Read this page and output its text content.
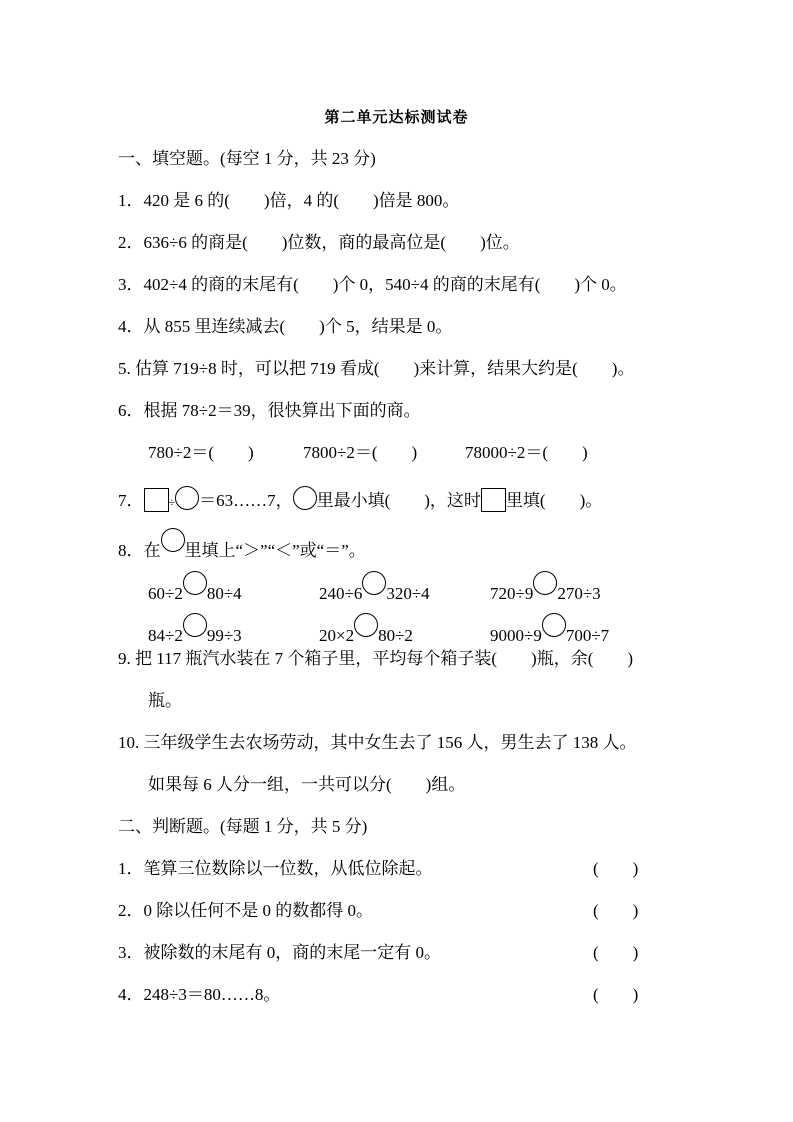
第二单元达标测试卷
一、填空题。(每空 1 分，共 23 分)
1．420 是 6 的(　　)倍，4 的(　　)倍是 800。
2．636÷6 的商是(　　)位数，商的最高位是(　　)位。
3．402÷4 的商的末尾有(　　)个 0，540÷4 的商的末尾有(　　)个 0。
4．从 855 里连续减去(　　)个 5，结果是 0。
5. 估算 719÷8 时，可以把 719 看成(　　)来计算，结果大约是(　　)。
6．根据 78÷2＝39，很快算出下面的商。
780÷2＝(　　)	7800÷2＝(　　)	78000÷2＝(　　)
7． ÷ ＝63……7， 里最小填(　　)，这时 里填(　　)。
8．在 里填上“＞”“＜”或“＝”。
60÷2 80÷4	240÷6 320÷4	720÷9 270÷3
84÷2 99÷3	20×2 80÷2	9000÷9 700÷7
9. 把 117 瓶汽水装在 7 个箱子里，平均每个箱子装(　　)瓶，余(　　)
瓶。
10. 三年级学生去农场劳动，其中女生去了 156 人，男生去了 138 人。
如果每 6 人分一组，一共可以分(　　)组。
二、判断题。(每题 1 分，共 5 分)
1．笔算三位数除以一位数，从低位除起。	(　　)
2．0 除以任何不是 0 的数都得 0。	(　　)
3．被除数的末尾有 0，商的末尾一定有 0。	(　　)
4．248÷3＝80……8。	(　　)
